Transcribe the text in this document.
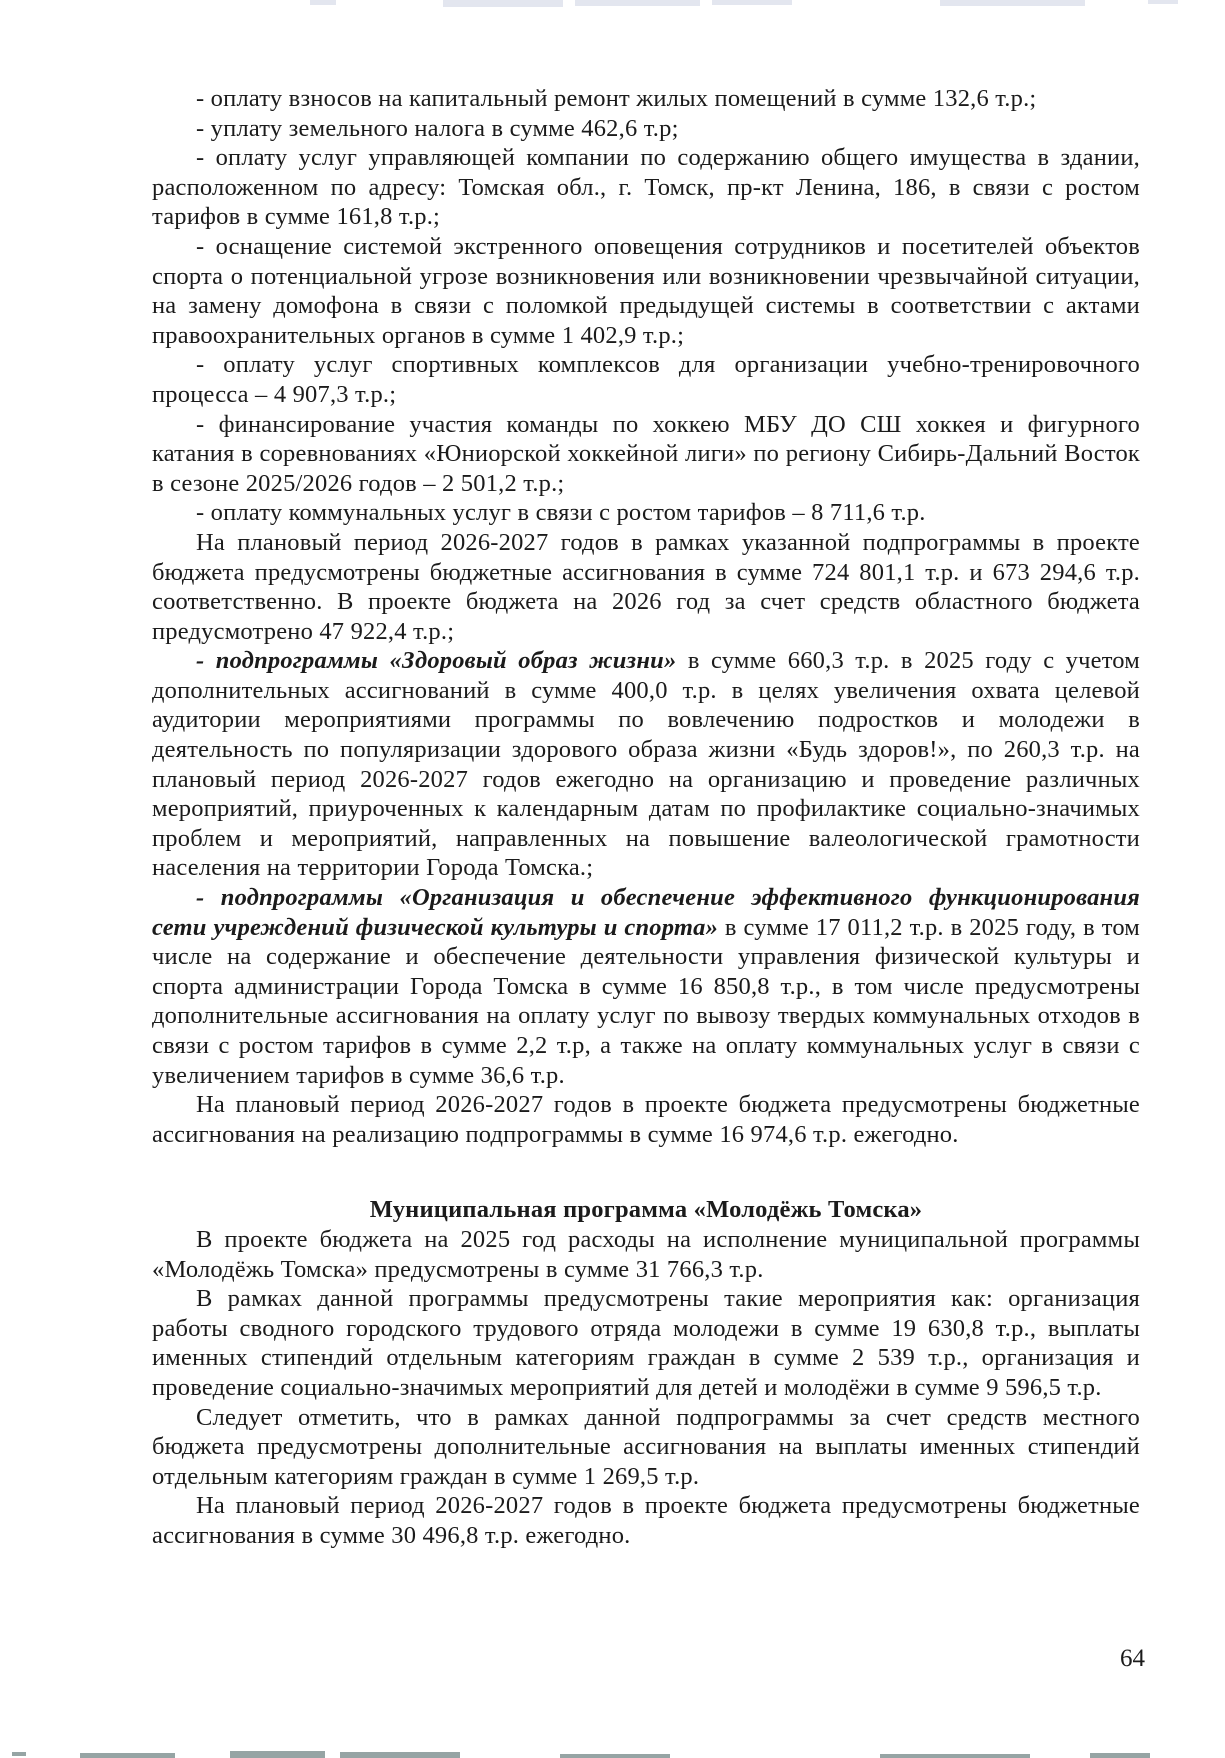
- оплату взносов на капитальный ремонт жилых помещений в сумме 132,6 т.р.;

- уплату земельного налога в сумме 462,6 т.р;

- оплату услуг управляющей компании по содержанию общего имущества в здании, расположенном по адресу: Томская обл., г. Томск, пр-кт Ленина, 186, в связи с ростом тарифов в сумме 161,8 т.р.;

- оснащение системой экстренного оповещения сотрудников и посетителей объектов спорта о потенциальной угрозе возникновения или возникновении чрезвычайной ситуации, на замену домофона в связи с поломкой предыдущей системы в соответствии с актами правоохранительных органов в сумме 1 402,9 т.р.;

- оплату услуг спортивных комплексов для организации учебно-тренировочного процесса – 4 907,3 т.р.;

- финансирование участия команды по хоккею МБУ ДО СШ хоккея и фигурного катания в соревнованиях «Юниорской хоккейной лиги» по региону Сибирь-Дальний Восток в сезоне 2025/2026 годов – 2 501,2 т.р.;

- оплату коммунальных услуг в связи с ростом тарифов – 8 711,6 т.р.

На плановый период 2026-2027 годов в рамках указанной подпрограммы в проекте бюджета предусмотрены бюджетные ассигнования в сумме 724 801,1 т.р. и 673 294,6 т.р. соответственно. В проекте бюджета на 2026 год за счет средств областного бюджета предусмотрено 47 922,4 т.р.;

- подпрограммы «Здоровый образ жизни» в сумме 660,3 т.р. в 2025 году с учетом дополнительных ассигнований в сумме 400,0 т.р. в целях увеличения охвата целевой аудитории мероприятиями программы по вовлечению подростков и молодежи в деятельность по популяризации здорового образа жизни «Будь здоров!», по 260,3 т.р. на плановый период 2026-2027 годов ежегодно на организацию и проведение различных мероприятий, приуроченных к календарным датам по профилактике социально-значимых проблем и мероприятий, направленных на повышение валеологической грамотности населения на территории Города Томска.;

- подпрограммы «Организация и обеспечение эффективного функционирования сети учреждений физической культуры и спорта» в сумме 17 011,2 т.р. в 2025 году, в том числе на содержание и обеспечение деятельности управления физической культуры и спорта администрации Города Томска в сумме 16 850,8 т.р., в том числе предусмотрены дополнительные ассигнования на оплату услуг по вывозу твердых коммунальных отходов в связи с ростом тарифов в сумме 2,2 т.р, а также на оплату коммунальных услуг в связи с увеличением тарифов в сумме 36,6 т.р.

На плановый период 2026-2027 годов в проекте бюджета предусмотрены бюджетные ассигнования на реализацию подпрограммы в сумме 16 974,6 т.р. ежегодно.

Муниципальная программа «Молодёжь Томска»

В проекте бюджета на 2025 год расходы на исполнение муниципальной программы «Молодёжь Томска» предусмотрены в сумме 31 766,3 т.р.

В рамках данной программы предусмотрены такие мероприятия как: организация работы сводного городского трудового отряда молодежи в сумме 19 630,8 т.р., выплаты именных стипендий отдельным категориям граждан в сумме 2 539 т.р., организация и проведение социально-значимых мероприятий для детей и молодёжи в сумме 9 596,5 т.р.

Следует отметить, что в рамках данной подпрограммы за счет средств местного бюджета предусмотрены дополнительные ассигнования на выплаты именных стипендий отдельным категориям граждан в сумме 1 269,5 т.р.

На плановый период 2026-2027 годов в проекте бюджета предусмотрены бюджетные ассигнования в сумме 30 496,8 т.р. ежегодно.

64
